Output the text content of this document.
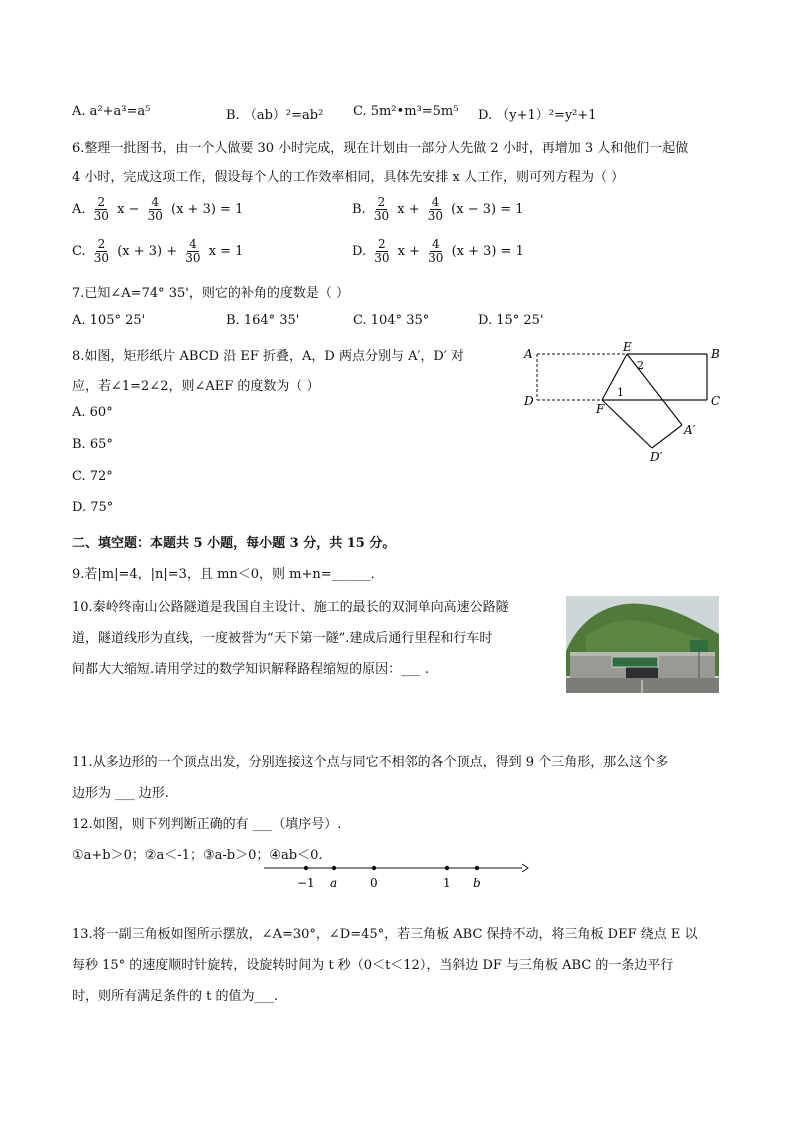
A. a²+a³=a⁵	B. （ab）²=ab² C. 5m²•m³=5m⁵ D. （y+1）²=y²+1
6.整理一批图书，由一个人做要 30 小时完成，现在计划由一部分人先做 2 小时，再增加 3 人和他们一起做
4 小时，完成这项工作，假设每个人的工作效率相同，具体先安排 x 人工作，则可列方程为（ ）
A. $\frac{2}{30}$ $x - \frac{4}{30} (x + 3) = 1$	B. $\frac{2}{30}$ $x + \frac{4}{30} (x - 3) = 1$
C. $\frac{2}{30} (x + 3) + \frac{4}{30}$ x = 1	D. $\frac{2}{30}$ $x + \frac{4}{30} (x + 3) = 1$
7.已知∠A=74° 35'，则它的补角的度数是（ ）
A. 105° 25'	B. 164° 35'	C. 104° 35°	D. 15° 25'
8.如图，矩形纸片 ABCD 沿 EF 折叠，A，D 两点分别与 A′，D′ 对
应，若∠1=2∠2，则∠AEF 的度数为（ ）
A. 60°
B. 65°
C. 72°
D. 75°
A	E	B
D
F
C
A′
D′
1
2
二、填空题：本题共 5 小题，每小题 3 分，共 15 分。
9.若|m|=4，|n|=3，且 mn＜0，则 m+n=______．
10.秦岭终南山公路隧道是我国自主设计、施工的最长的双洞单向高速公路隧
道，隧道线形为直线，一度被誉为“天下第一隧”.建成后通行里程和行车时
间都大大缩短.请用学过的数学知识解释路程缩短的原因：___ .
11.从多边形的一个顶点出发，分别连接这个点与同它不相邻的各个顶点，得到 9 个三角形，那么这个多
边形为 ___ 边形.
12.如图，则下列判断正确的有 ___（填序号）.
①a+b＞0；②a＜-1；③a-b＞0；④ab＜0.
−1 a	0	1 b
13.将一副三角板如图所示摆放，∠A=30°，∠D=45°，若三角板 ABC 保持不动，将三角板 DEF 绕点 E 以
每秒 15° 的速度顺时针旋转，设旋转时间为 t 秒（0＜t＜12），当斜边 DF 与三角板 ABC 的一条边平行
时，则所有满足条件的 t 的值为___.
